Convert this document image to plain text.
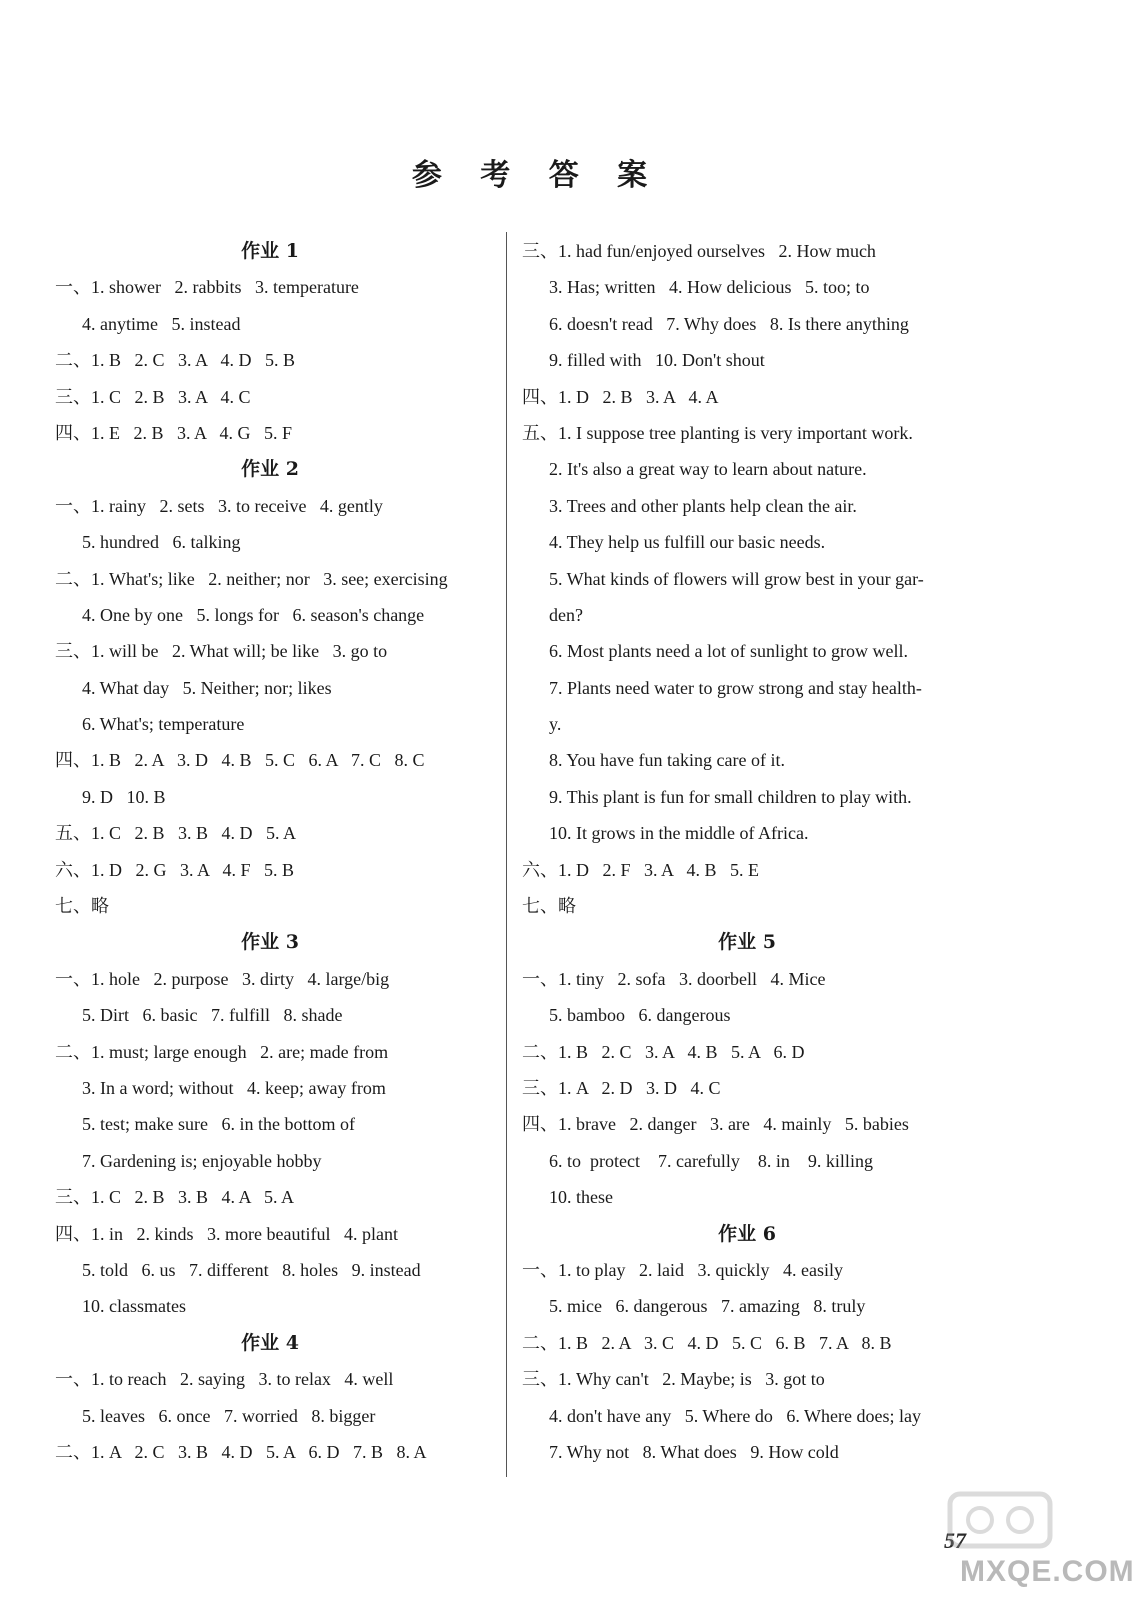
参 考 答 案
作业 1
一、1. shower   2. rabbits   3. temperature
4. anytime   5. instead
二、1. B   2. C   3. A   4. D   5. B
三、1. C   2. B   3. A   4. C
四、1. E   2. B   3. A   4. G   5. F
作业 2
一、1. rainy   2. sets   3. to receive   4. gently
5. hundred   6. talking
二、1. What's; like   2. neither; nor   3. see; exercising
4. One by one   5. longs for   6. season's change
三、1. will be   2. What will; be like   3. go to
4. What day   5. Neither; nor; likes
6. What's; temperature
四、1. B   2. A   3. D   4. B   5. C   6. A   7. C   8. C
9. D   10. B
五、1. C   2. B   3. B   4. D   5. A
六、1. D   2. G   3. A   4. F   5. B
七、略
作业 3
一、1. hole   2. purpose   3. dirty   4. large/big
5. Dirt   6. basic   7. fulfill   8. shade
二、1. must; large enough   2. are; made from
3. In a word; without   4. keep; away from
5. test; make sure   6. in the bottom of
7. Gardening is; enjoyable hobby
三、1. C   2. B   3. B   4. A   5. A
四、1. in   2. kinds   3. more beautiful   4. plant
5. told   6. us   7. different   8. holes   9. instead
10. classmates
作业 4
一、1. to reach   2. saying   3. to relax   4. well
5. leaves   6. once   7. worried   8. bigger
二、1. A   2. C   3. B   4. D   5. A   6. D   7. B   8. A
三、1. had fun/enjoyed ourselves   2. How much
3. Has; written   4. How delicious   5. too; to
6. doesn't read   7. Why does   8. Is there anything
9. filled with   10. Don't shout
四、1. D   2. B   3. A   4. A
五、1. I suppose tree planting is very important work.
2. It's also a great way to learn about nature.
3. Trees and other plants help clean the air.
4. They help us fulfill our basic needs.
5. What kinds of flowers will grow best in your gar-
den?
6. Most plants need a lot of sunlight to grow well.
7. Plants need water to grow strong and stay health-
y.
8. You have fun taking care of it.
9. This plant is fun for small children to play with.
10. It grows in the middle of Africa.
六、1. D   2. F   3. A   4. B   5. E
七、略
作业 5
一、1. tiny   2. sofa   3. doorbell   4. Mice
5. bamboo   6. dangerous
二、1. B   2. C   3. A   4. B   5. A   6. D
三、1. A   2. D   3. D   4. C
四、1. brave   2. danger   3. are   4. mainly   5. babies
6. to  protect    7. carefully    8. in    9. killing
10. these
作业 6
一、1. to play   2. laid   3. quickly   4. easily
5. mice   6. dangerous   7. amazing   8. truly
二、1. B   2. A   3. C   4. D   5. C   6. B   7. A   8. B
三、1. Why can't   2. Maybe; is   3. got to
4. don't have any   5. Where do   6. Where does; lay
7. Why not   8. What does   9. How cold
57
MXQE.COM
